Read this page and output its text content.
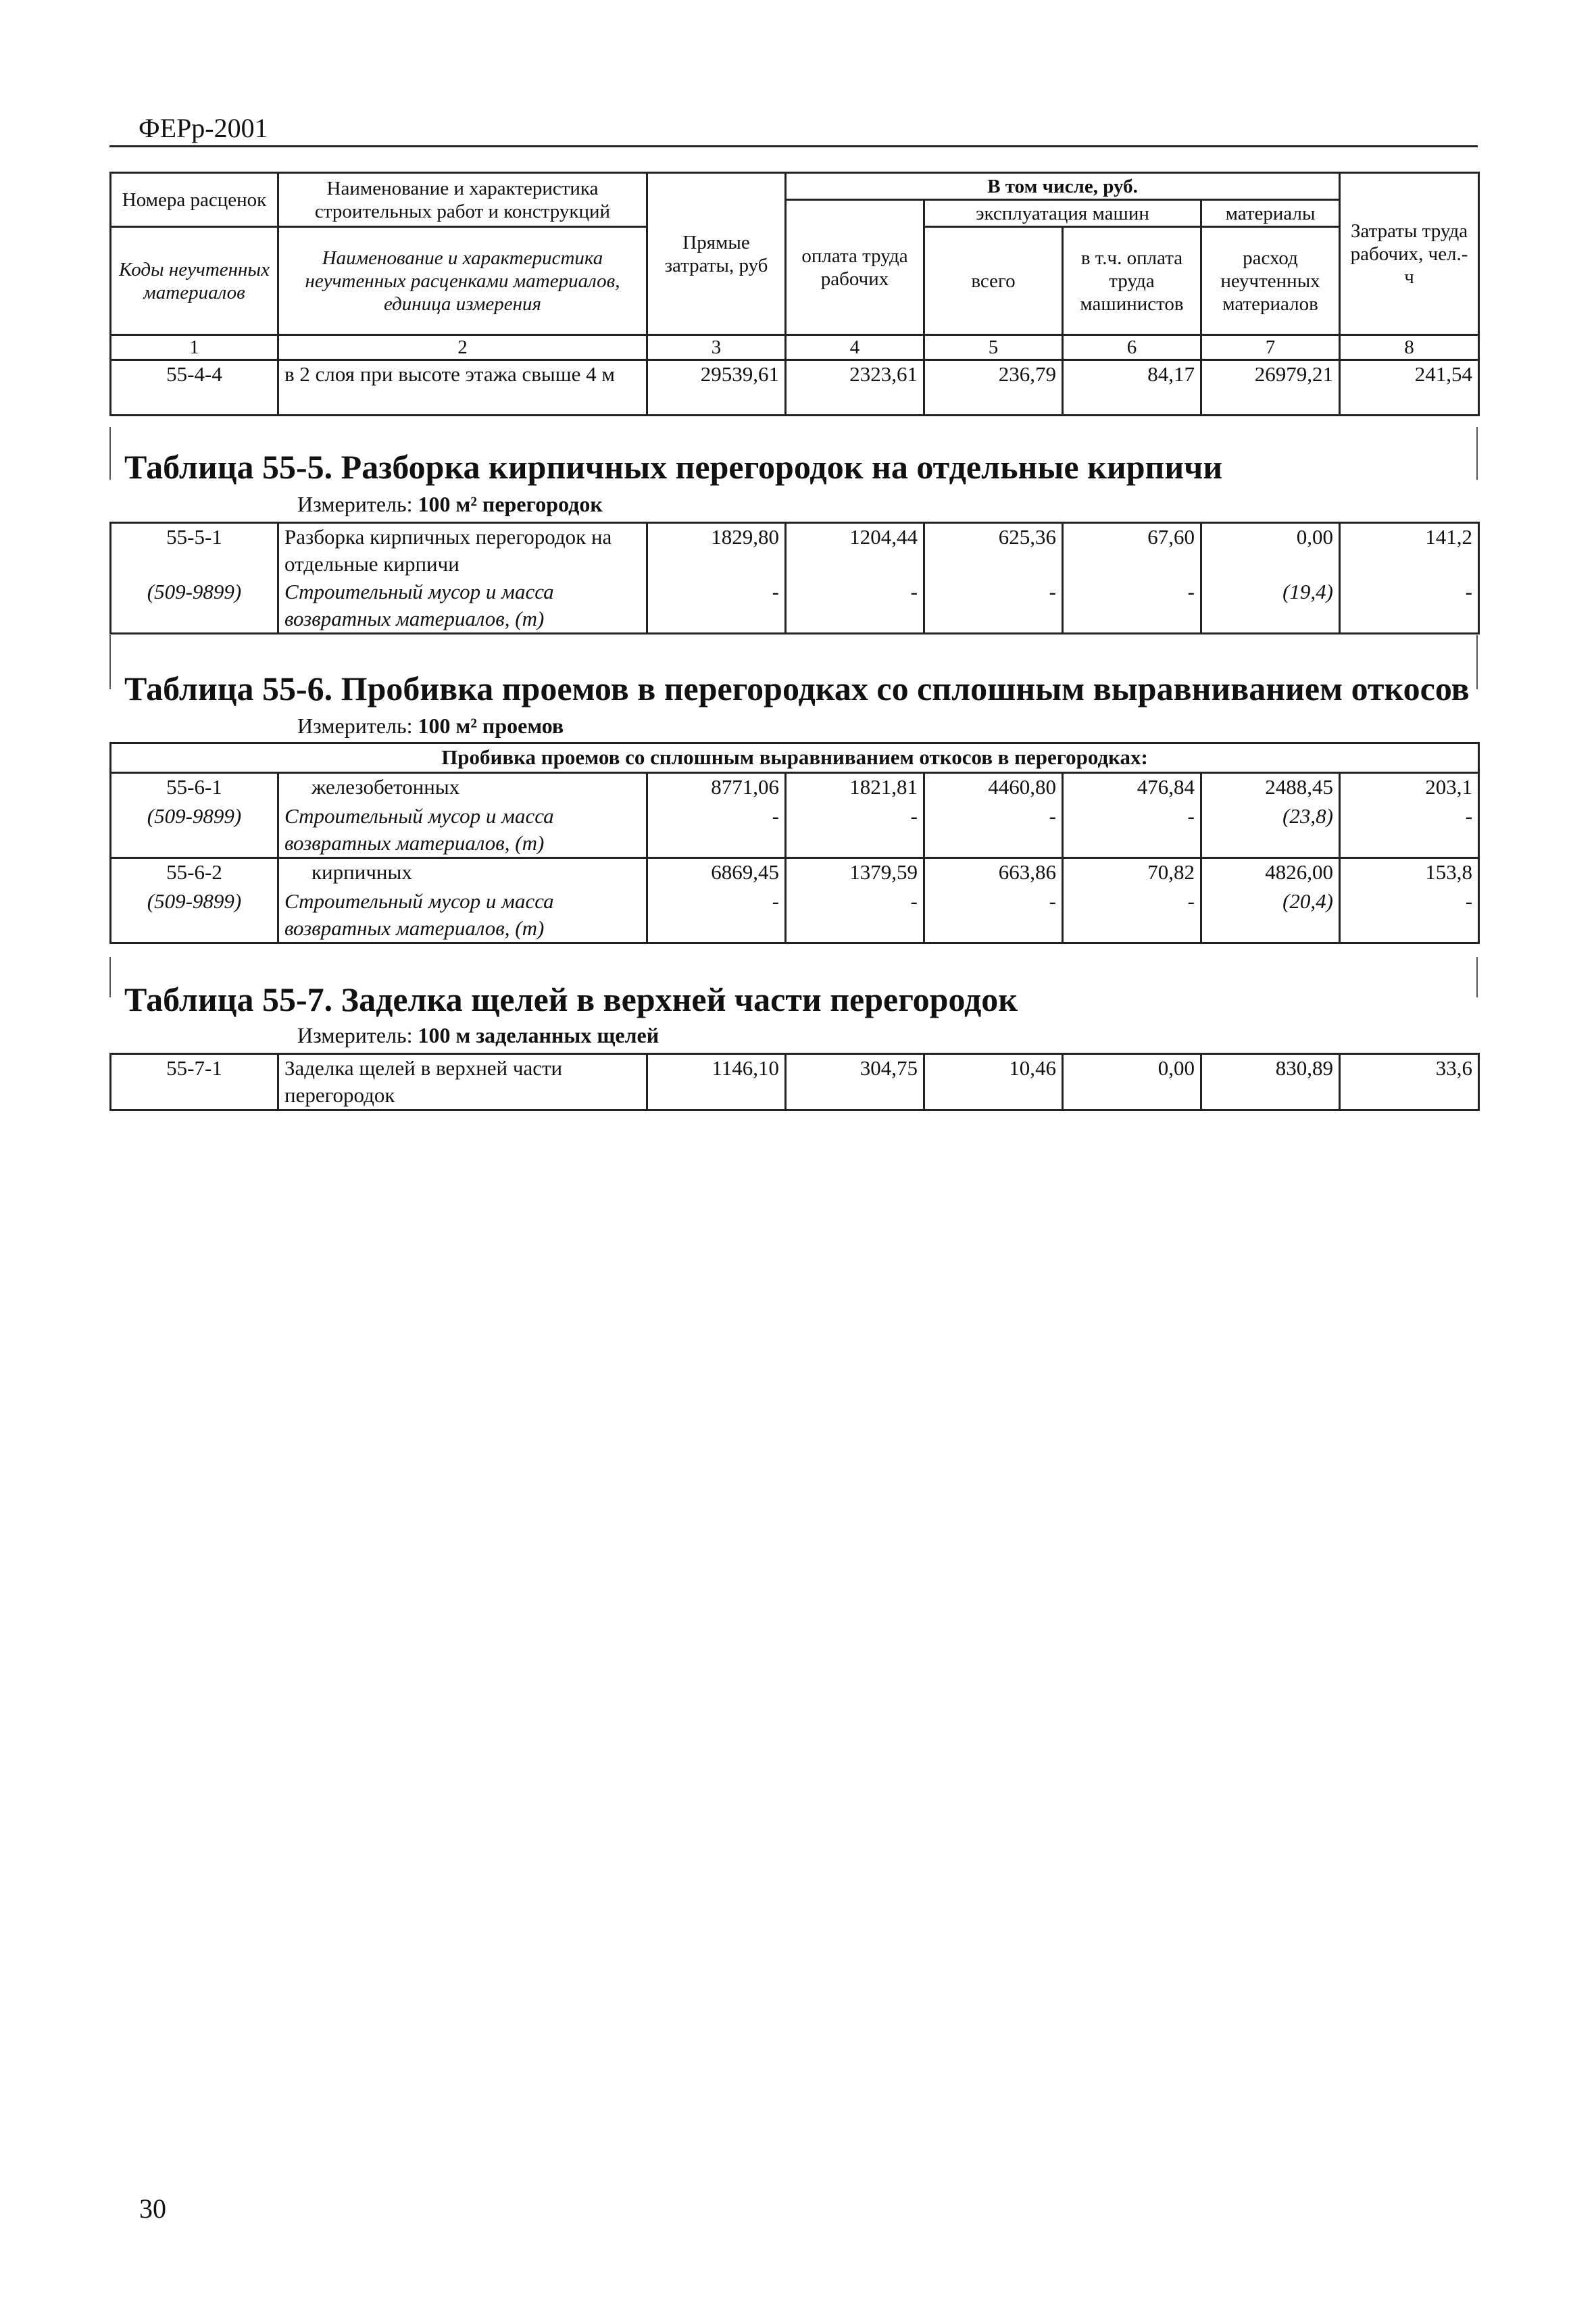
ФЕРр-2001
Номера расценок	Наименование и характеристика строительных работ и конструкций	Прямые затраты, руб	В том числе, руб.				Затраты труда рабочих, чел.-ч
			оплата труда рабочих	эксплуатация машин		материалы	
Коды неучтенных материалов	Наименование и характеристика неучтенных расценками материалов, единица измерения			всего	в т.ч. оплата труда машинистов	расход неучтенных материалов	
1	2	3	4	5	6	7	8
55-4-4	в 2 слоя при высоте этажа свыше 4 м	29539,61	2323,61	236,79	84,17	26979,21	241,54
Таблица 55-5. Разборка кирпичных перегородок на отдельные кирпичи
Измеритель: 100 м² перегородок
55-5-1	Разборка кирпичных перегородок на отдельные кирпичи	1829,80	1204,44	625,36	67,60	0,00	141,2
(509-9899)	Строительный мусор и масса возвратных материалов, (т)	-	-	-	-	(19,4)	-
Таблица 55-6. Пробивка проемов в перегородках со сплошным выравниванием откосов
Измеритель: 100 м² проемов
Пробивка проемов со сплошным выравниванием откосов в перегородках:							
55-6-1	железобетонных	8771,06	1821,81	4460,80	476,84	2488,45	203,1
(509-9899)	Строительный мусор и масса возвратных материалов, (т)	-	-	-	-	(23,8)	-
55-6-2	кирпичных	6869,45	1379,59	663,86	70,82	4826,00	153,8
(509-9899)	Строительный мусор и масса возвратных материалов, (т)	-	-	-	-	(20,4)	-
Таблица 55-7. Заделка щелей в верхней части перегородок
Измеритель: 100 м заделанных щелей
55-7-1	Заделка щелей в верхней части перегородок	1146,10	304,75	10,46	0,00	830,89	33,6
30
